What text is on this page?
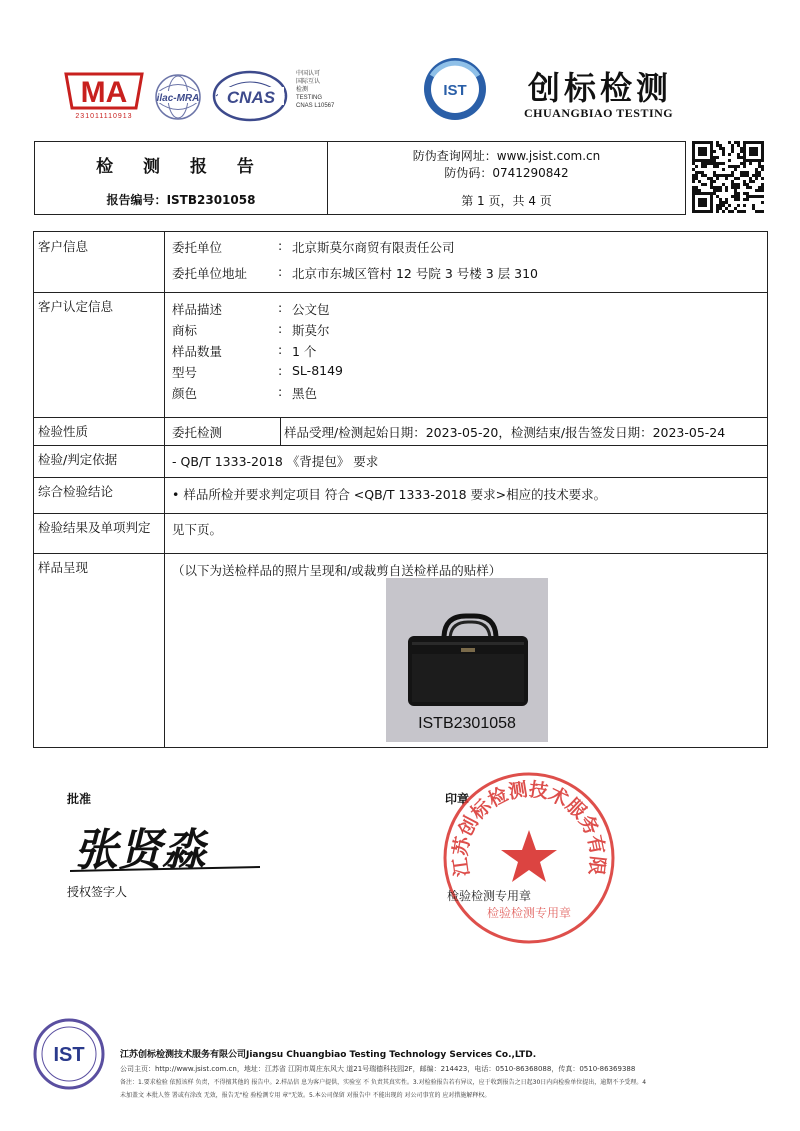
MA
231011110913
ilac-MRA CNAS
中国认可
国际互认
检测
TESTING
CNAS L10567
IST 创标检测
CHUANGBIAO TESTING
检 测 报 告
报告编号：ISTB2301058
防伪查询网址：www.jsist.com.cn
防伪码：0741290842
第 1 页，共 4 页
客户信息	委托单位	: 北京斯莫尔商贸有限责任公司
委托单位地址 : 北京市东城区管村 12 号院 3 号楼 3 层 310
客户认定信息	样品描述	: 公文包
商标	: 斯莫尔
样品数量	: 1 个
型号	: SL-8149
颜色	: 黑色
检验性质	委托检测	样品受理/检测起始日期：2023-05-20，检测结束/报告签发日期：2023-05-24
检验/判定依据	- QB/T 1333-2018 《背提包》 要求
综合检验结论	• 样品所检并要求判定项目 符合 <QB/T 1333-2018 要求>相应的技术要求。
检验结果及单项判定	见下页。
样品呈现	（以下为送检样品的照片呈现和/或裁剪自送检样品的贴样）
ISTB2301058
批准
张贤淼
授权签字人
印章
江苏创标检测技术服务有限
检验检测专用章
检验检测专用章
IST	江苏创标检测技术服务有限公司Jiangsu Chuangbiao Testing Technology Services Co.,LTD.
公司主页：http://www.jsist.com.cn，地址：江苏省 江阴市周庄东风大 道21号瑞德科技园2F，邮编：214423，电话：0510-86368088，传真：0510-86369388
备注：1.要求检验 依照该样 负责，不得擅其他的 报告中。2.样品信 息为客户提供，实验室 不 负责其真实性。3.对检验报告若有异议，应于收到报告之日起30日内向检验单位提出，逾期不予受理。4
未加盖文 本批人签 署或有涂改 无效，报告无"检 验检测专用 章"无效。5.本公司保留 对报告中 不能出现的 对公司事宜的 应对措施解释权。
